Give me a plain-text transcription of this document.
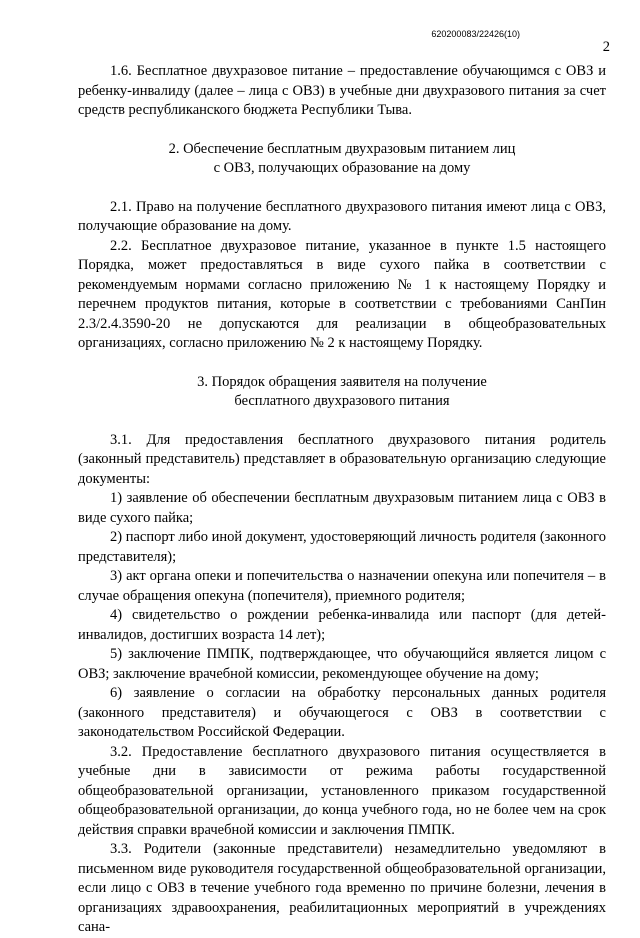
620200083/22426(10)
2

1.6. Бесплатное двухразовое питание – предоставление обучающимся с ОВЗ и ребенку-инвалиду (далее – лица с ОВЗ) в учебные дни двухразового питания за счет средств республиканского бюджета Республики Тыва.

2. Обеспечение бесплатным двухразовым питанием лиц

с ОВЗ, получающих образование на дому

2.1. Право на получение бесплатного двухразового питания имеют лица с ОВЗ, получающие образование на дому.

2.2. Бесплатное двухразовое питание, указанное в пункте 1.5 настоящего Порядка, может предоставляться в виде сухого пайка в соответствии с рекомендуемым нормами согласно приложению № 1 к настоящему Порядку и перечнем продуктов питания, которые в соответствии с требованиями СанПин 2.3/2.4.3590-20 не допускаются для реализации в общеобразовательных организациях, согласно приложению № 2 к настоящему Порядку.

3. Порядок обращения заявителя на получение

бесплатного двухразового питания

3.1. Для предоставления бесплатного двухразового питания родитель (законный представитель) представляет в образовательную организацию следующие документы:

1) заявление об обеспечении бесплатным двухразовым питанием лица с ОВЗ в виде сухого пайка;

2) паспорт либо иной документ, удостоверяющий личность родителя (законного представителя);

3) акт органа опеки и попечительства о назначении опекуна или попечителя – в случае обращения опекуна (попечителя), приемного родителя;

4) свидетельство о рождении ребенка-инвалида или паспорт (для детей-инвалидов, достигших возраста 14 лет);

5) заключение ПМПК, подтверждающее, что обучающийся является лицом с ОВЗ; заключение врачебной комиссии, рекомендующее обучение на дому;

6) заявление о согласии на обработку персональных данных родителя (законного представителя) и обучающегося с ОВЗ в соответствии с законодательством Российской Федерации.

3.2. Предоставление бесплатного двухразового питания осуществляется в учебные дни в зависимости от режима работы государственной общеобразовательной организации, установленного приказом государственной общеобразовательной организации, до конца учебного года, но не более чем на срок действия справки врачебной комиссии и заключения ПМПК.

3.3. Родители (законные представители) незамедлительно уведомляют в письменном виде руководителя государственной общеобразовательной организации, если лицо с ОВЗ в течение учебного года временно по причине болезни, лечения в организациях здравоохранения, реабилитационных мероприятий в учреждениях сана-
